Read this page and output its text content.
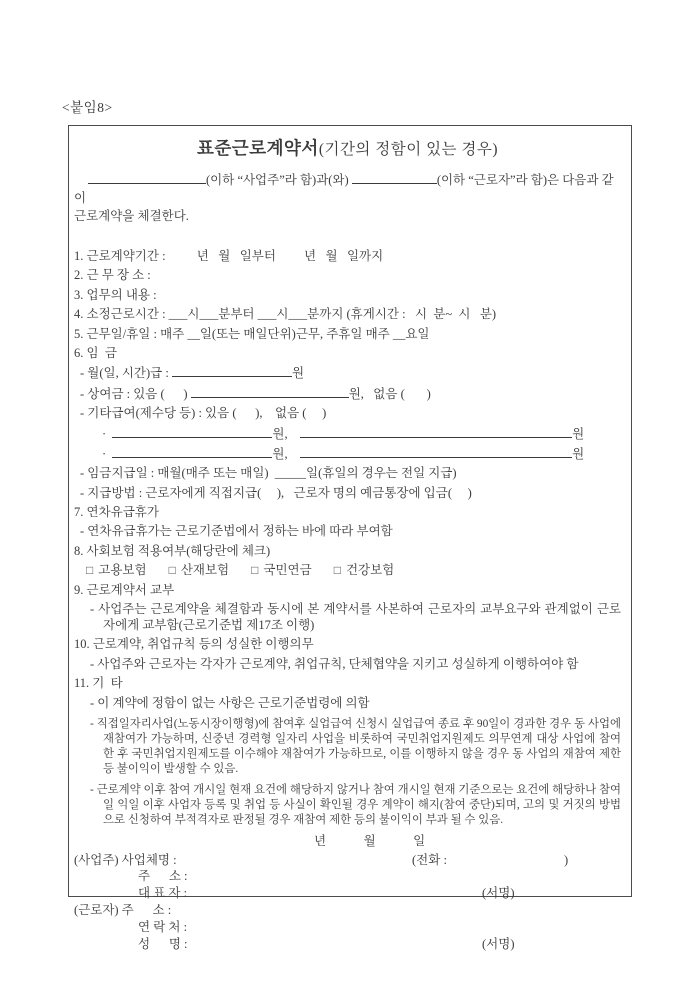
<붙임8>
표준근로계약서(기간의 정함이 있는 경우)

(이하 “사업주”라 함)과(와)	(이하 “근로자”라 함)은 다음과 같이
근로계약을 체결한다.

1. 근로계약기간 :          년   월   일부터         년   월   일까지
2. 근 무 장 소 :
3. 업무의 내용 :
4. 소정근로시간 : ___시___분부터 ___시___분까지 (휴게시간 :   시  분~  시   분)
5. 근무일/휴일 : 매주 __일(또는 매일단위)근무, 주휴일 매주 __요일
6. 임  금
- 월(일, 시간)급 :	원
- 상여금 : 있음 (      )	원,   없음 (       )
- 기타급여(제수당 등) : 있음 (      ),    없음 (     )
·	원,	원
·	원,	원
- 임금지급일 : 매월(매주 또는 매일)  _____일(휴일의 경우는 전일 지급)
- 지급방법 : 근로자에게 직접지급(     ),   근로자 명의 예금통장에 입금(     )
7. 연차유급휴가
- 연차유급휴가는 근로기준법에서 정하는 바에 따라 부여함
8. 사회보험 적용여부(해당란에 체크)
□ 고용보험 □ 산재보험 □ 국민연금 □ 건강보험
9. 근로계약서 교부
- 사업주는 근로계약을 체결함과 동시에 본 계약서를 사본하여 근로자의 교부요구와 관계없이 근로자에게 교부함(근로기준법 제17조 이행)
10. 근로계약, 취업규칙 등의 성실한 이행의무
- 사업주와 근로자는 각자가 근로계약, 취업규칙, 단체협약을 지키고 성실하게 이행하여야 함
11. 기  타
- 이 계약에 정함이 없는 사항은 근로기준법령에 의함
- 직접일자리사업(노동시장이행형)에 참여후 실업급여 신청시 실업급여 종료 후 90일이 경과한 경우 동 사업에 재참여가 가능하며, 신중년 경력형 일자리 사업을 비롯하여 국민취업지원제도 의무연계 대상 사업에 참여한 후 국민취업지원제도를 이수해야 재참여가 가능하므로, 이를 이행하지 않을 경우 동 사업의 재참여 제한 등 불이익이 발생할 수 있음.
- 근로계약 이후 참여 개시일 현재 요건에 해당하지 않거나 참여 개시일 현재 기준으로는 요건에 해당하나 참여일 익일 이후 사업자 등록 및 취업 등 사실이 확인될 경우 계약이 해지(참여 중단)되며, 고의 및 거짓의 방법으로 신청하여 부적격자로 판정될 경우 재참여 제한 등의 불이익이 부과 될 수 있음.
년            월            일
(사업주) 사업체명 :	(전화 :	)
주      소 :
대 표 자 :	(서명)
(근로자) 주      소 :
연 락 처 :
성      명 :	(서명)
